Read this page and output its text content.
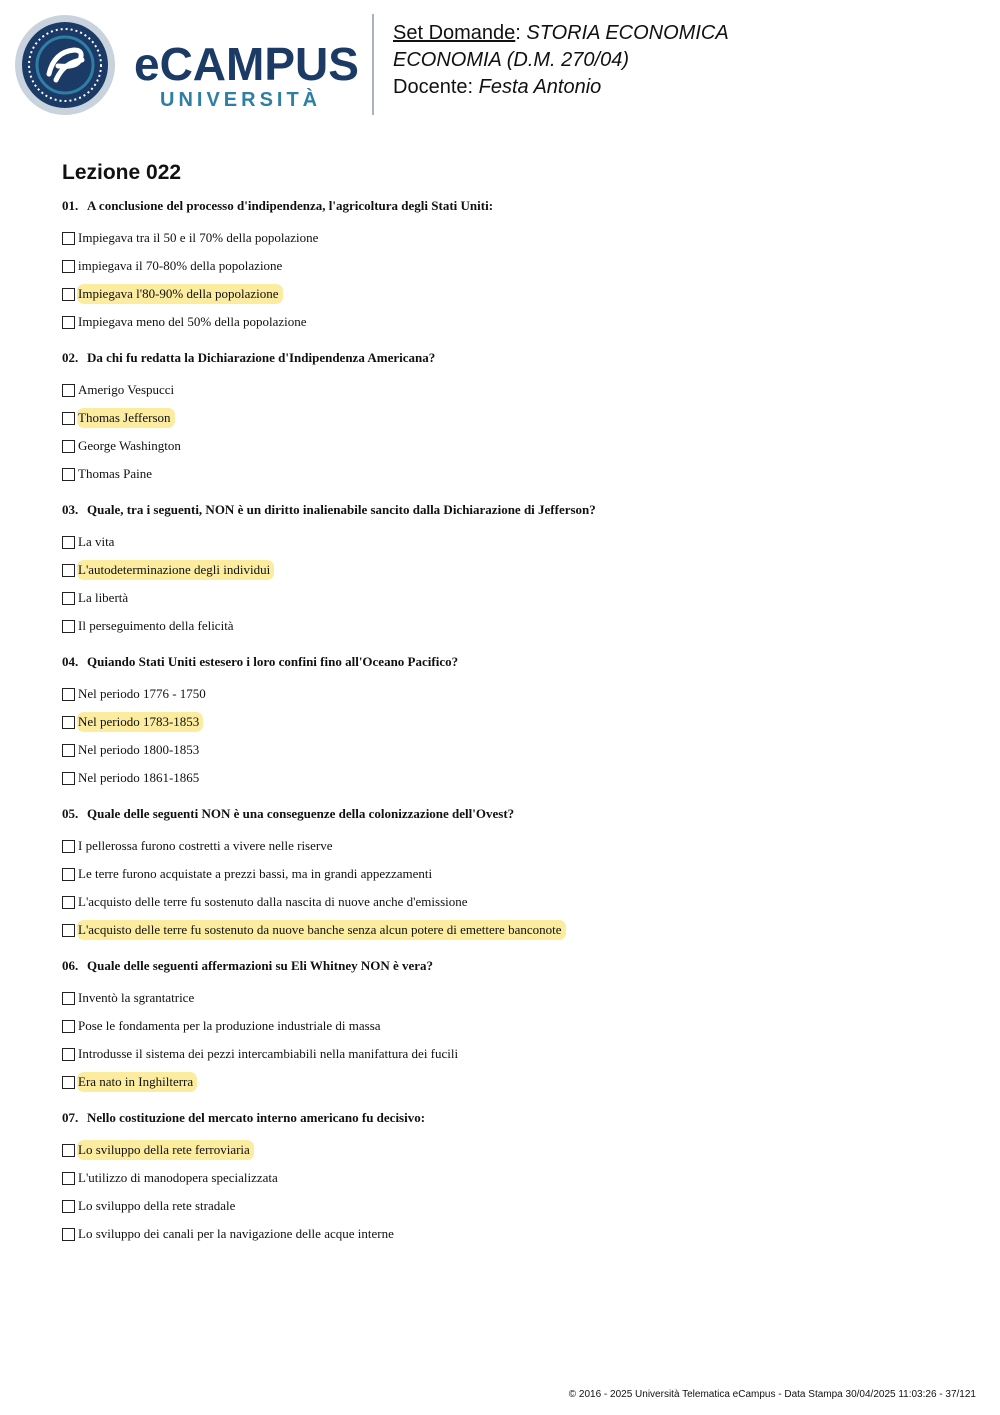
eCAMPUS
UNIVERSITÀ
Set Domande: STORIA ECONOMICA
ECONOMIA (D.M. 270/04)
Docente: Festa Antonio
Lezione 022
01. A conclusione del processo d'indipendenza, l'agricoltura degli Stati Uniti:
Impiegava tra il 50 e il 70% della popolazione
impiegava il 70-80% della popolazione
Impiegava l'80-90% della popolazione
Impiegava meno del 50% della popolazione
02. Da chi fu redatta la Dichiarazione d'Indipendenza Americana?
Amerigo Vespucci
Thomas Jefferson
George Washington
Thomas Paine
03. Quale, tra i seguenti, NON è un diritto inalienabile sancito dalla Dichiarazione di Jefferson?
La vita
L'autodeterminazione degli individui
La libertà
Il perseguimento della felicità
04. Quiando Stati Uniti estesero i loro confini fino all'Oceano Pacifico?
Nel periodo 1776 - 1750
Nel periodo 1783-1853
Nel periodo 1800-1853
Nel periodo 1861-1865
05. Quale delle seguenti NON è una conseguenze della colonizzazione dell'Ovest?
I pellerossa furono costretti a vivere nelle riserve
Le terre furono acquistate a prezzi bassi, ma in grandi appezzamenti
L'acquisto delle terre fu sostenuto dalla nascita di nuove anche d'emissione
L'acquisto delle terre fu sostenuto da nuove banche senza alcun potere di emettere banconote
06. Quale delle seguenti affermazioni su Eli Whitney NON è vera?
Inventò la sgrantatrice
Pose le fondamenta per la produzione industriale di massa
Introdusse il sistema dei pezzi intercambiabili nella manifattura dei fucili
Era nato in Inghilterra
07. Nello costituzione del mercato interno americano fu decisivo:
Lo sviluppo della rete ferroviaria
L'utilizzo di manodopera specializzata
Lo sviluppo della rete stradale
Lo sviluppo dei canali per la navigazione delle acque interne
© 2016 - 2025 Università Telematica eCampus - Data Stampa 30/04/2025 11:03:26 - 37/121
